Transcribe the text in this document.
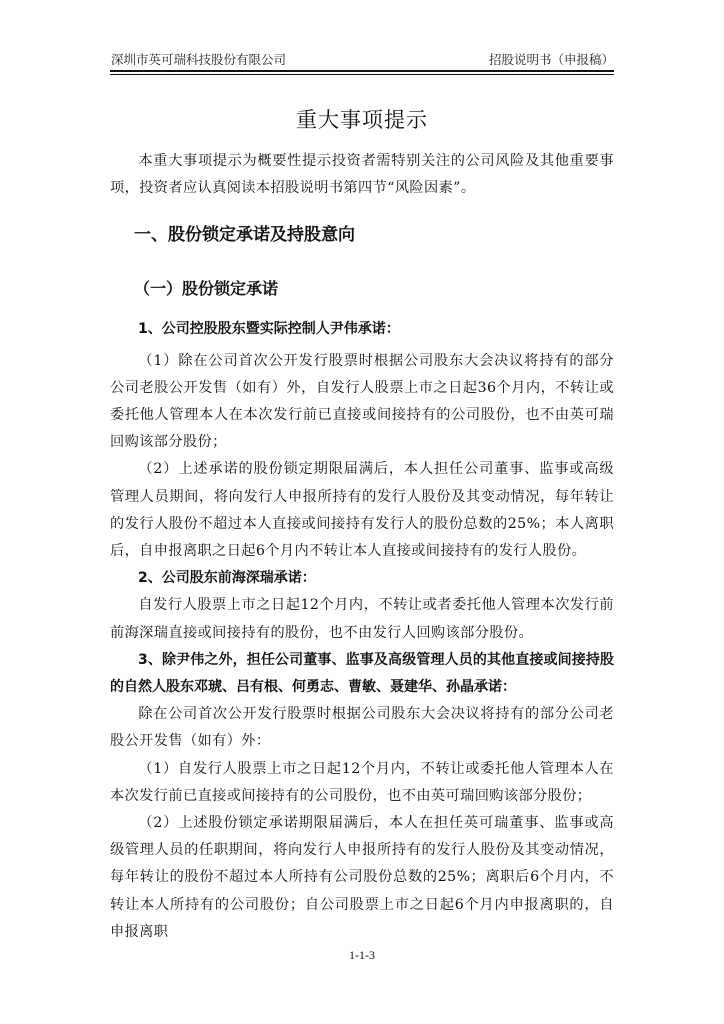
深圳市英可瑞科技股份有限公司	招股说明书（申报稿）
重大事项提示

本重大事项提示为概要性提示投资者需特别关注的公司风险及其他重要事项，投资者应认真阅读本招股说明书第四节“风险因素”。

一、股份锁定承诺及持股意向
（一）股份锁定承诺
1、公司控股股东暨实际控制人尹伟承诺：

（1）除在公司首次公开发行股票时根据公司股东大会决议将持有的部分公司老股公开发售（如有）外，自发行人股票上市之日起36个月内，不转让或委托他人管理本人在本次发行前已直接或间接持有的公司股份，也不由英可瑞回购该部分股份；

（2）上述承诺的股份锁定期限届满后，本人担任公司董事、监事或高级管理人员期间，将向发行人申报所持有的发行人股份及其变动情况，每年转让的发行人股份不超过本人直接或间接持有发行人的股份总数的25%；本人离职后，自申报离职之日起6个月内不转让本人直接或间接持有的发行人股份。

2、公司股东前海深瑞承诺：

自发行人股票上市之日起12个月内，不转让或者委托他人管理本次发行前前海深瑞直接或间接持有的股份，也不由发行人回购该部分股份。

3、除尹伟之外，担任公司董事、监事及高级管理人员的其他直接或间接持股的自然人股东邓琥、吕有根、何勇志、曹敏、聂建华、孙晶承诺：

除在公司首次公开发行股票时根据公司股东大会决议将持有的部分公司老股公开发售（如有）外：

（1）自发行人股票上市之日起12个月内，不转让或委托他人管理本人在本次发行前已直接或间接持有的公司股份，也不由英可瑞回购该部分股份；

（2）上述股份锁定承诺期限届满后，本人在担任英可瑞董事、监事或高级管理人员的任职期间，将向发行人申报所持有的发行人股份及其变动情况，每年转让的股份不超过本人所持有公司股份总数的25%；离职后6个月内，不转让本人所持有的公司股份；自公司股票上市之日起6个月内申报离职的，自申报离职

1-1-3
